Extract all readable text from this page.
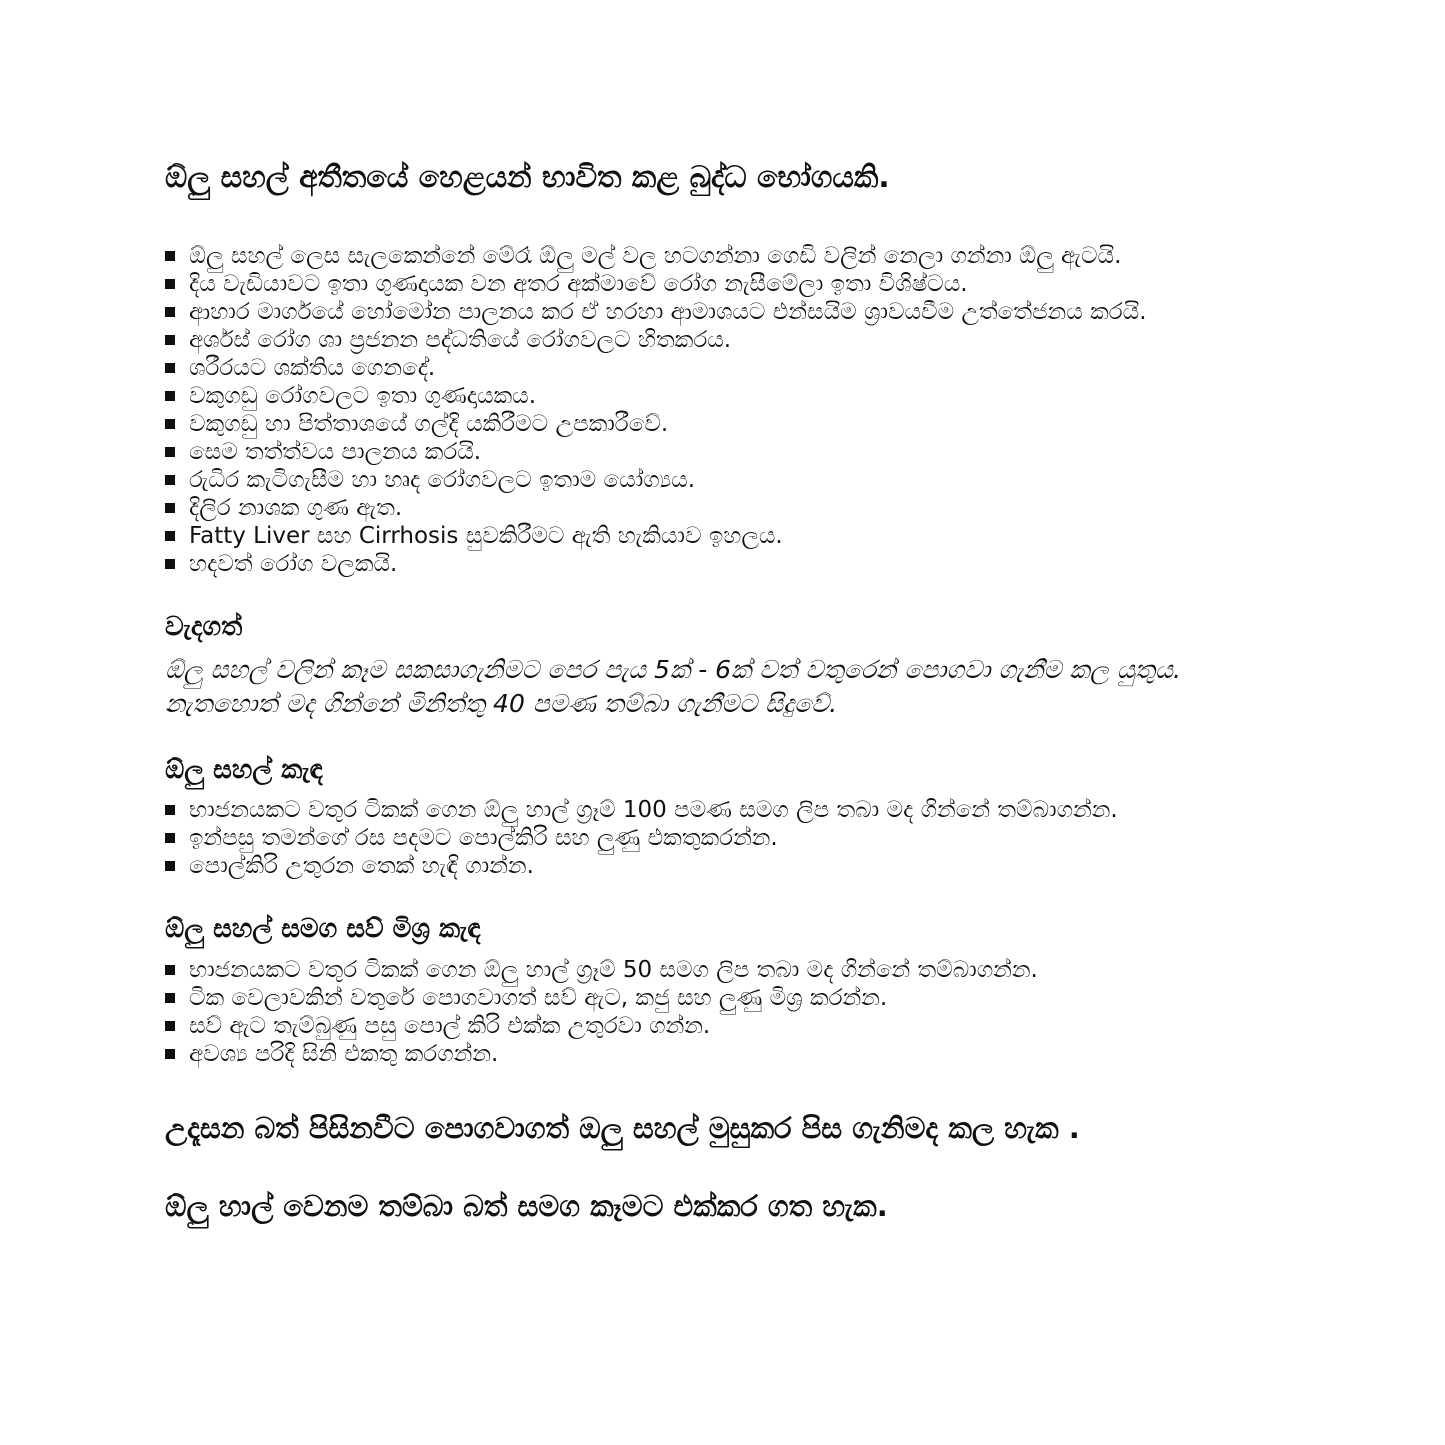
ඕලු සහල් අතීතයේ හෙළයන් භාවිත කළ බුද්ධ භෝගයකි.
ඕලු සහල් ලෙස සැලකෙන්නේ මේරෑ ඕලු මල් වල හටගන්නා ගෙඩි වලින් නෙලා ගන්නා ඕලු ඇටයි.
දිය වැඩියාවට ඉතා ගුණදායක වන අතර අක්මාවේ රෝග නැසීමේලා ඉතා විශිෂ්ටය.
ආහාර මාර්ගයේ හෝමෝන පාලනය කර ඒ හරහා ආමාශයට එන්සයිම ශ්‍රාවයවීම උත්තේජනය කරයි.
අර්ශස් රෝග ශා ප්‍රජනන පද්ධතියේ රෝගවලට හිතකරය.
ශරීරයට ශක්තිය ගෙනදේ.
වකුගඩු රෝගවලට ඉතා ගුණදායකය.
වකුගඩු හා පිත්තාශයේ ගල්දි යකිරීමට උපකාරීවේ.
සෙම තත්ත්වය පාලනය කරයි.
රුධිර කැටිගැසීම හා හෘද රෝගවලට ඉතාම යෝග්‍යය.
දිලිර නාශක ගුණ ඇත.
Fatty Liver සහ Cirrhosis සුවකිරීමට ඇති හැකියාව ඉහලය.
හදවත් රෝග වලකයි.
වැදගත්

ඕලු සහල් වලින් කෑම සකසාගැනිමට පෙර පැය 5ක් - 6ක් වත් වතුරෙන් පොගවා ගැනීම කල යුතුය.
නැතහොත් මද ගින්නේ මිනිත්තු 40 පමණ තම්බා ගැනීමට සිදුවේ.

ඕලු සහල් කැඳ
භාජනයකට වතුර ටිකක් ගෙන ඕලු හාල් ග්‍රෑම් 100 පමණ සමග ලිප තබා මද ගින්නේ තම්බාගන්න.
ඉන්පසු තමන්ගේ රස පදමට පොල්කිරි සහ ලුණු එකතුකරන්න.
පොල්කිරි උතුරන තෙක් හැඳි ගාන්න.
ඕලු සහල් සමග සව් මිශ්‍ර කැඳ
භාජනයකට වතුර ටිකක් ගෙන ඕලු හාල් ග්‍රෑම් 50 සමග ලිප තබා මද ගින්නේ තම්බාගන්න.
ටික වෙලාවකින් වතුරේ පොගවාගත් සව් ඇට, කජු සහ ලුණු මිශ්‍ර කරන්න.
සව් ඇට තැම්බුණු පසු පොල් කිරි එක්ක උතුරවා ගන්න.
අවශ්‍ය පරිදි සිනි එකතු කරගන්න.

උදෑසන බත් පිසිනවීට පොගවාගත් ඔලු සහල් මුසුකර පිස ගැනිමද කල හැක .

ඕලු හාල් වෙනම තම්බා බත් සමග කෑමට එක්කර ගත හැක.
